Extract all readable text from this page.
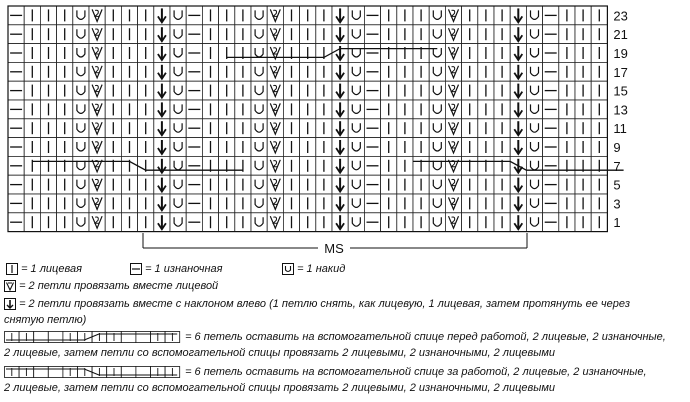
23
21
19
17
15
13
11
9
7
5
3
1
MS
= 1 лицевая	= 1 изнаночная	= 1 накид
= 2 петли провязать вместе лицевой
= 2 петли провязать вместе с наклоном влево (1 петлю снять, как лицевую, 1 лицевая, затем протянуть ее через
снятую петлю)
= 6 петель оставить на вспомогательной спице перед работой, 2 лицевые, 2 изнаночные,
2 лицевые, затем петли со вспомогательной спицы провязать 2 лицевыми, 2 изнаночными, 2 лицевыми
= 6 петель оставить на вспомогательной спице за работой, 2 лицевые, 2 изнаночные,
2 лицевые, затем петли со вспомогательной спицы провязать 2 лицевыми, 2 изнаночными, 2 лицевыми
